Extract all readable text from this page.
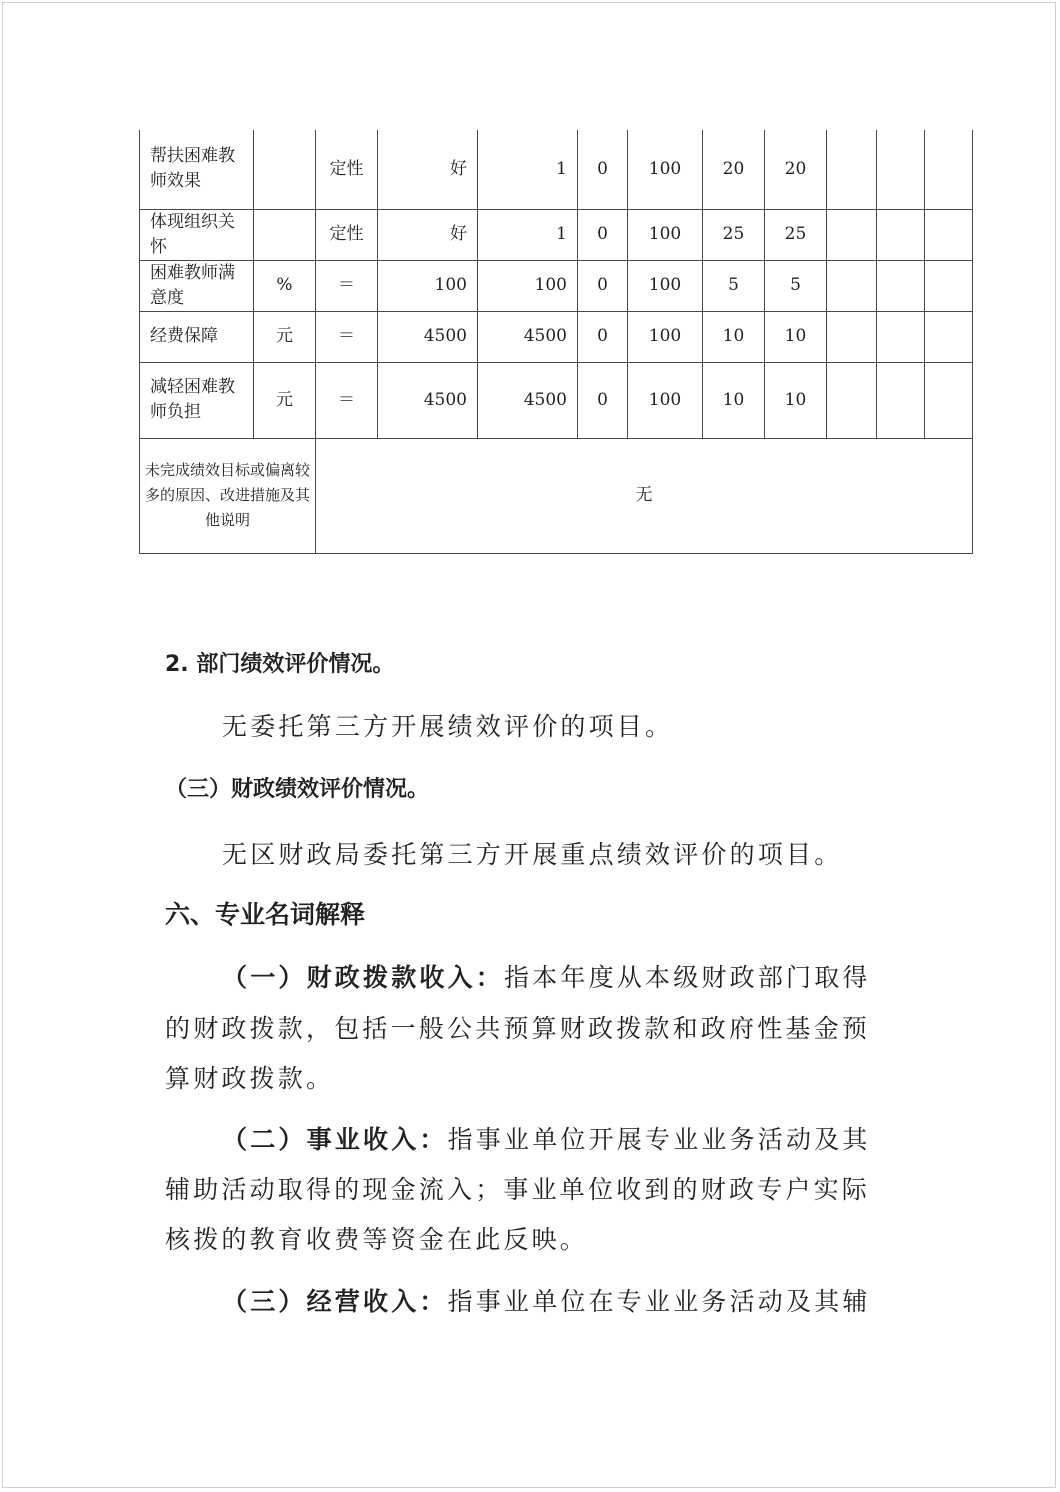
帮扶困难教师效果		定性	好	1	0	100	20	20			
体现组织关怀		定性	好	1	0	100	25	25			
困难教师满意度	%	＝	100	100	0	100	5	5			
经费保障	元	＝	4500	4500	0	100	10	10			
减轻困难教师负担	元	＝	4500	4500	0	100	10	10			
未完成绩效目标或偏离较多的原因、改进措施及其他说明		无									
2. 部门绩效评价情况。
无委托第三方开展绩效评价的项目。
（三）财政绩效评价情况。
无区财政局委托第三方开展重点绩效评价的项目。
六、专业名词解释
（一）财政拨款收入：指本年度从本级财政部门取得
的财政拨款，包括一般公共预算财政拨款和政府性基金预
算财政拨款。
（二）事业收入：指事业单位开展专业业务活动及其
辅助活动取得的现金流入；事业单位收到的财政专户实际
核拨的教育收费等资金在此反映。
（三）经营收入：指事业单位在专业业务活动及其辅
